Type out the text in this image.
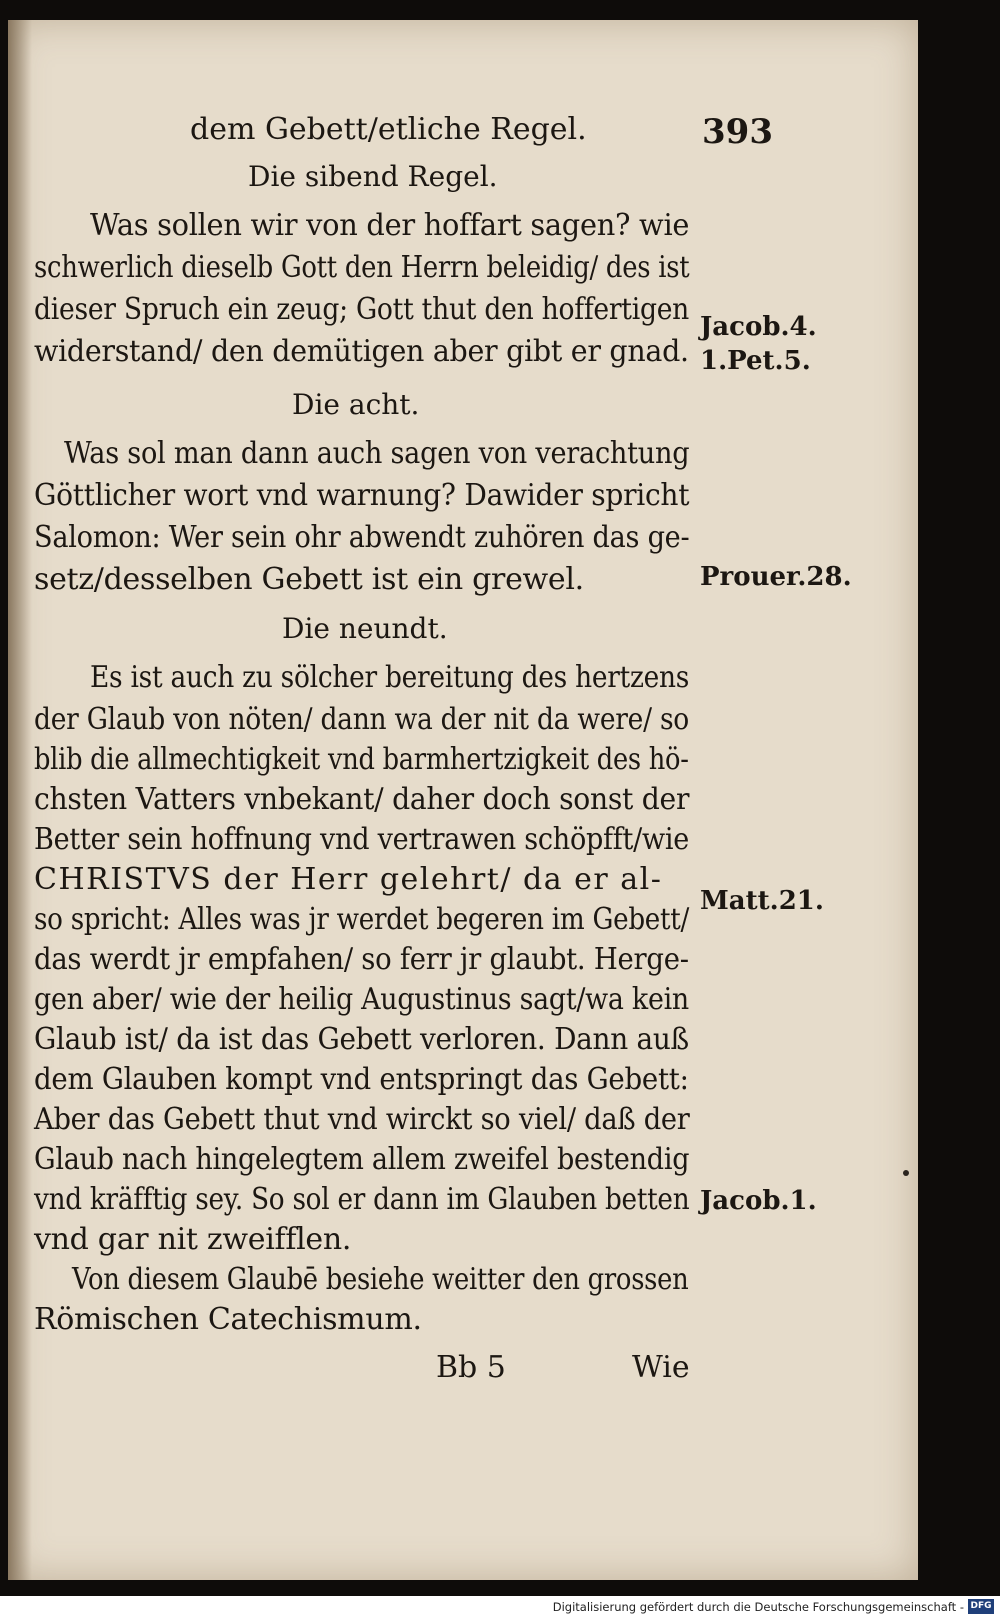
dem Gebett/etliche Regel.	393
Die sibend Regel.
Was sollen wir von der hoffart sagen? wie
schwerlich dieselb Gott den Herrn beleidig/ des ist
dieser Spruch ein zeug; Gott thut den hoffertigen
widerstand/ den demütigen aber gibt er gnad.
Die acht.
Was sol man dann auch sagen von verachtung
Göttlicher wort vnd warnung? Dawider spricht
Salomon: Wer sein ohr abwendt zuhören das ge-
setz/desselben Gebett ist ein grewel.
Die neundt.
Es ist auch zu sölcher bereitung des hertzens
der Glaub von nöten/ dann wa der nit da were/ so
blib die allmechtigkeit vnd barmhertzigkeit des hö-
chsten Vatters vnbekant/ daher doch sonst der
Better sein hoffnung vnd vertrawen schöpfft/wie
CHRISTVS der Herr gelehrt/ da er al-
so spricht: Alles was jr werdet begeren im Gebett/
das werdt jr empfahen/ so ferr jr glaubt. Herge-
gen aber/ wie der heilig Augustinus sagt/wa kein
Glaub ist/ da ist das Gebett verloren. Dann auß
dem Glauben kompt vnd entspringt das Gebett:
Aber das Gebett thut vnd wirckt so viel/ daß der
Glaub nach hingelegtem allem zweifel bestendig
vnd kräfftig sey. So sol er dann im Glauben betten
vnd gar nit zweifflen.
Von diesem Glaubē besiehe weitter den grossen
Römischen Catechismum.
Bb 5	Wie
Jacob.4.
1.Pet.5.
Prouer.28.
Matt.21.
Jacob.1.
Digitalisierung gefördert durch die Deutsche Forschungsgemeinschaft - DFG
